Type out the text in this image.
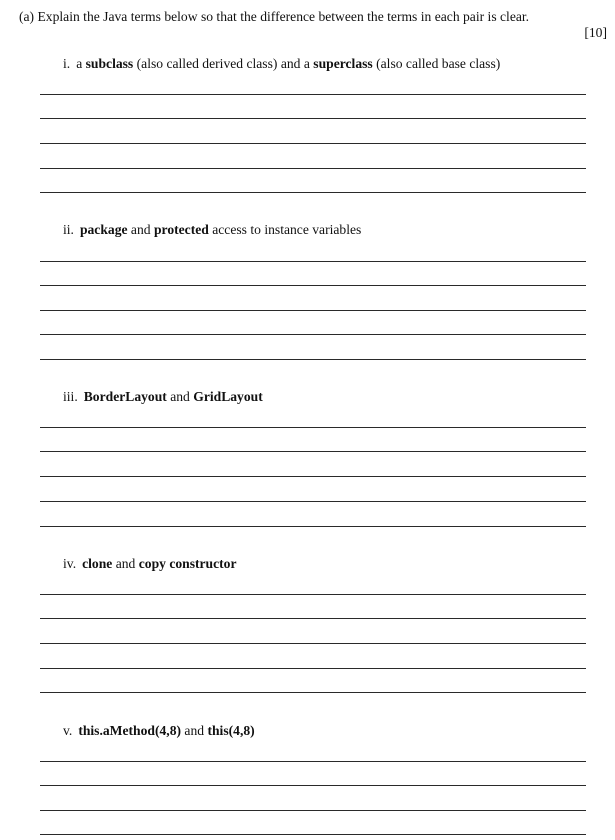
(a) Explain the Java terms below so that the difference between the terms in each pair is clear.
[10]
i. a subclass (also called derived class) and a superclass (also called base class)
ii. package and protected access to instance variables
iii. BorderLayout and GridLayout
iv. clone and copy constructor
v. this.aMethod(4,8) and this(4,8)
